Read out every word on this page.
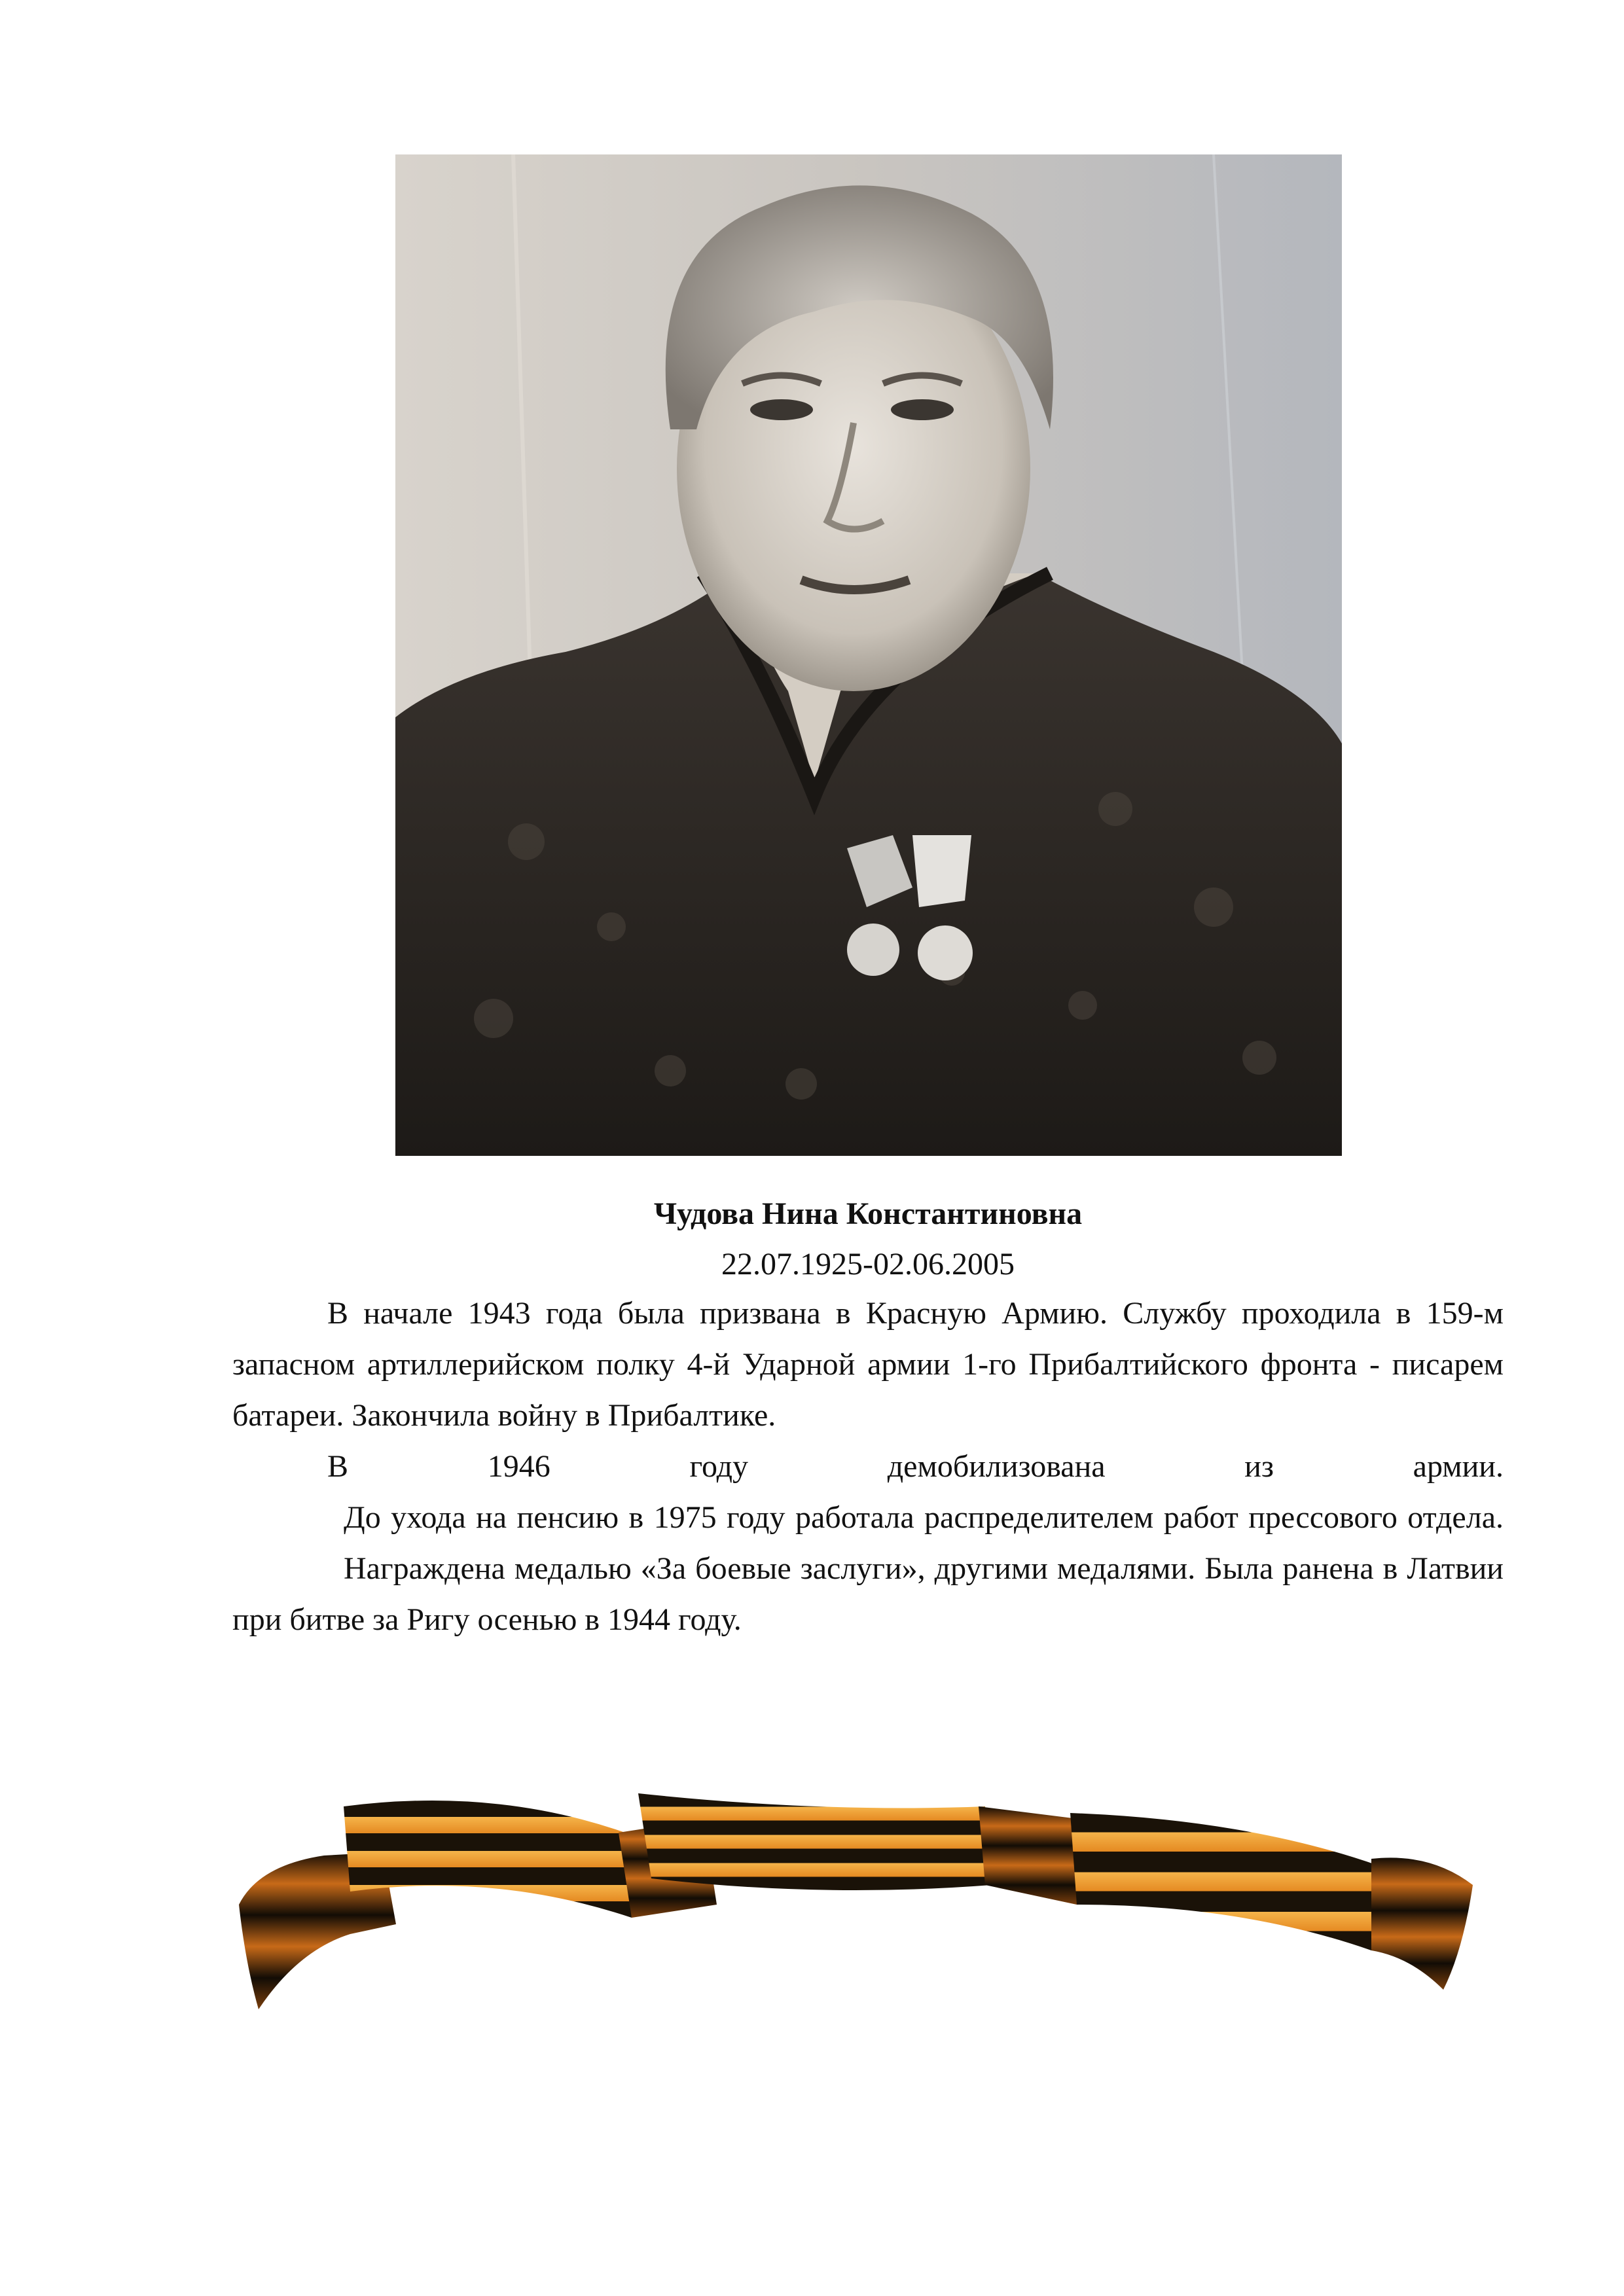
Чудова Нина Константиновна
22.07.1925-02.06.2005

В начале 1943 года была призвана в Красную Армию. Службу проходила в 159-м запасном артиллерийском полку 4-й Ударной армии 1-го Прибалтийского фронта - писарем батареи. Закончила войну в Прибалтике.

В 1946 году демобилизована из армии.

До ухода на пенсию в 1975 году работала распределителем работ прессового отдела.

Награждена медалью «За боевые заслуги», другими медалями. Была ранена в Латвии при битве за Ригу осенью в 1944 году.
